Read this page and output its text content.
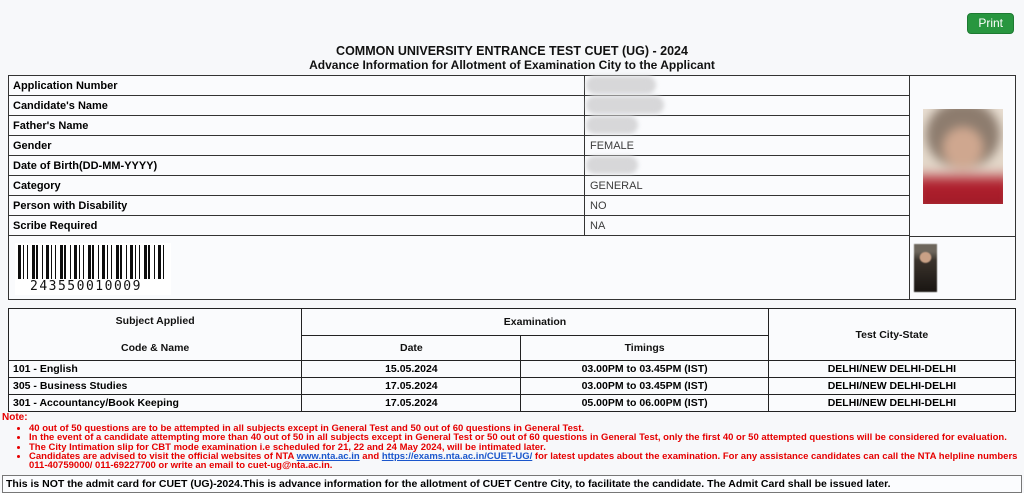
Print
COMMON UNIVERSITY ENTRANCE TEST CUET (UG) - 2024
Advance Information for Allotment of Examination City to the Applicant
Application Number
Candidate's Name
Father's Name
Gender	FEMALE
Date of Birth(DD-MM-YYYY)
Category	GENERAL
Person with Disability	NO
Scribe Required	NA
243550010009
Subject Applied
Code & Name	Examination		Test City-State
	Date	Timings	
101 - English	15.05.2024	03.00PM to 03.45PM (IST)	DELHI/NEW DELHI-DELHI
305 - Business Studies	17.05.2024	03.00PM to 03.45PM (IST)	DELHI/NEW DELHI-DELHI
301 - Accountancy/Book Keeping	17.05.2024	05.00PM to 06.00PM (IST)	DELHI/NEW DELHI-DELHI
Note:
• 40 out of 50 questions are to be attempted in all subjects except in General Test and 50 out of 60 questions in General Test.
• In the event of a candidate attempting more than 40 out of 50 in all subjects except in General Test or 50 out of 60 questions in General Test, only the first 40 or 50 attempted questions will be considered for evaluation.
• The City Intimation slip for CBT mode examination i.e scheduled for 21, 22 and 24 May 2024, will be intimated later.
• Candidates are advised to visit the official websites of NTA www.nta.ac.in and https://exams.nta.ac.in/CUET-UG/ for latest updates about the examination. For any assistance candidates can call the NTA helpline numbers 011-40759000/ 011-69227700 or write an email to cuet-ug@nta.ac.in.
This is NOT the admit card for CUET (UG)-2024.This is advance information for the allotment of CUET Centre City, to facilitate the candidate. The Admit Card shall be issued later.
